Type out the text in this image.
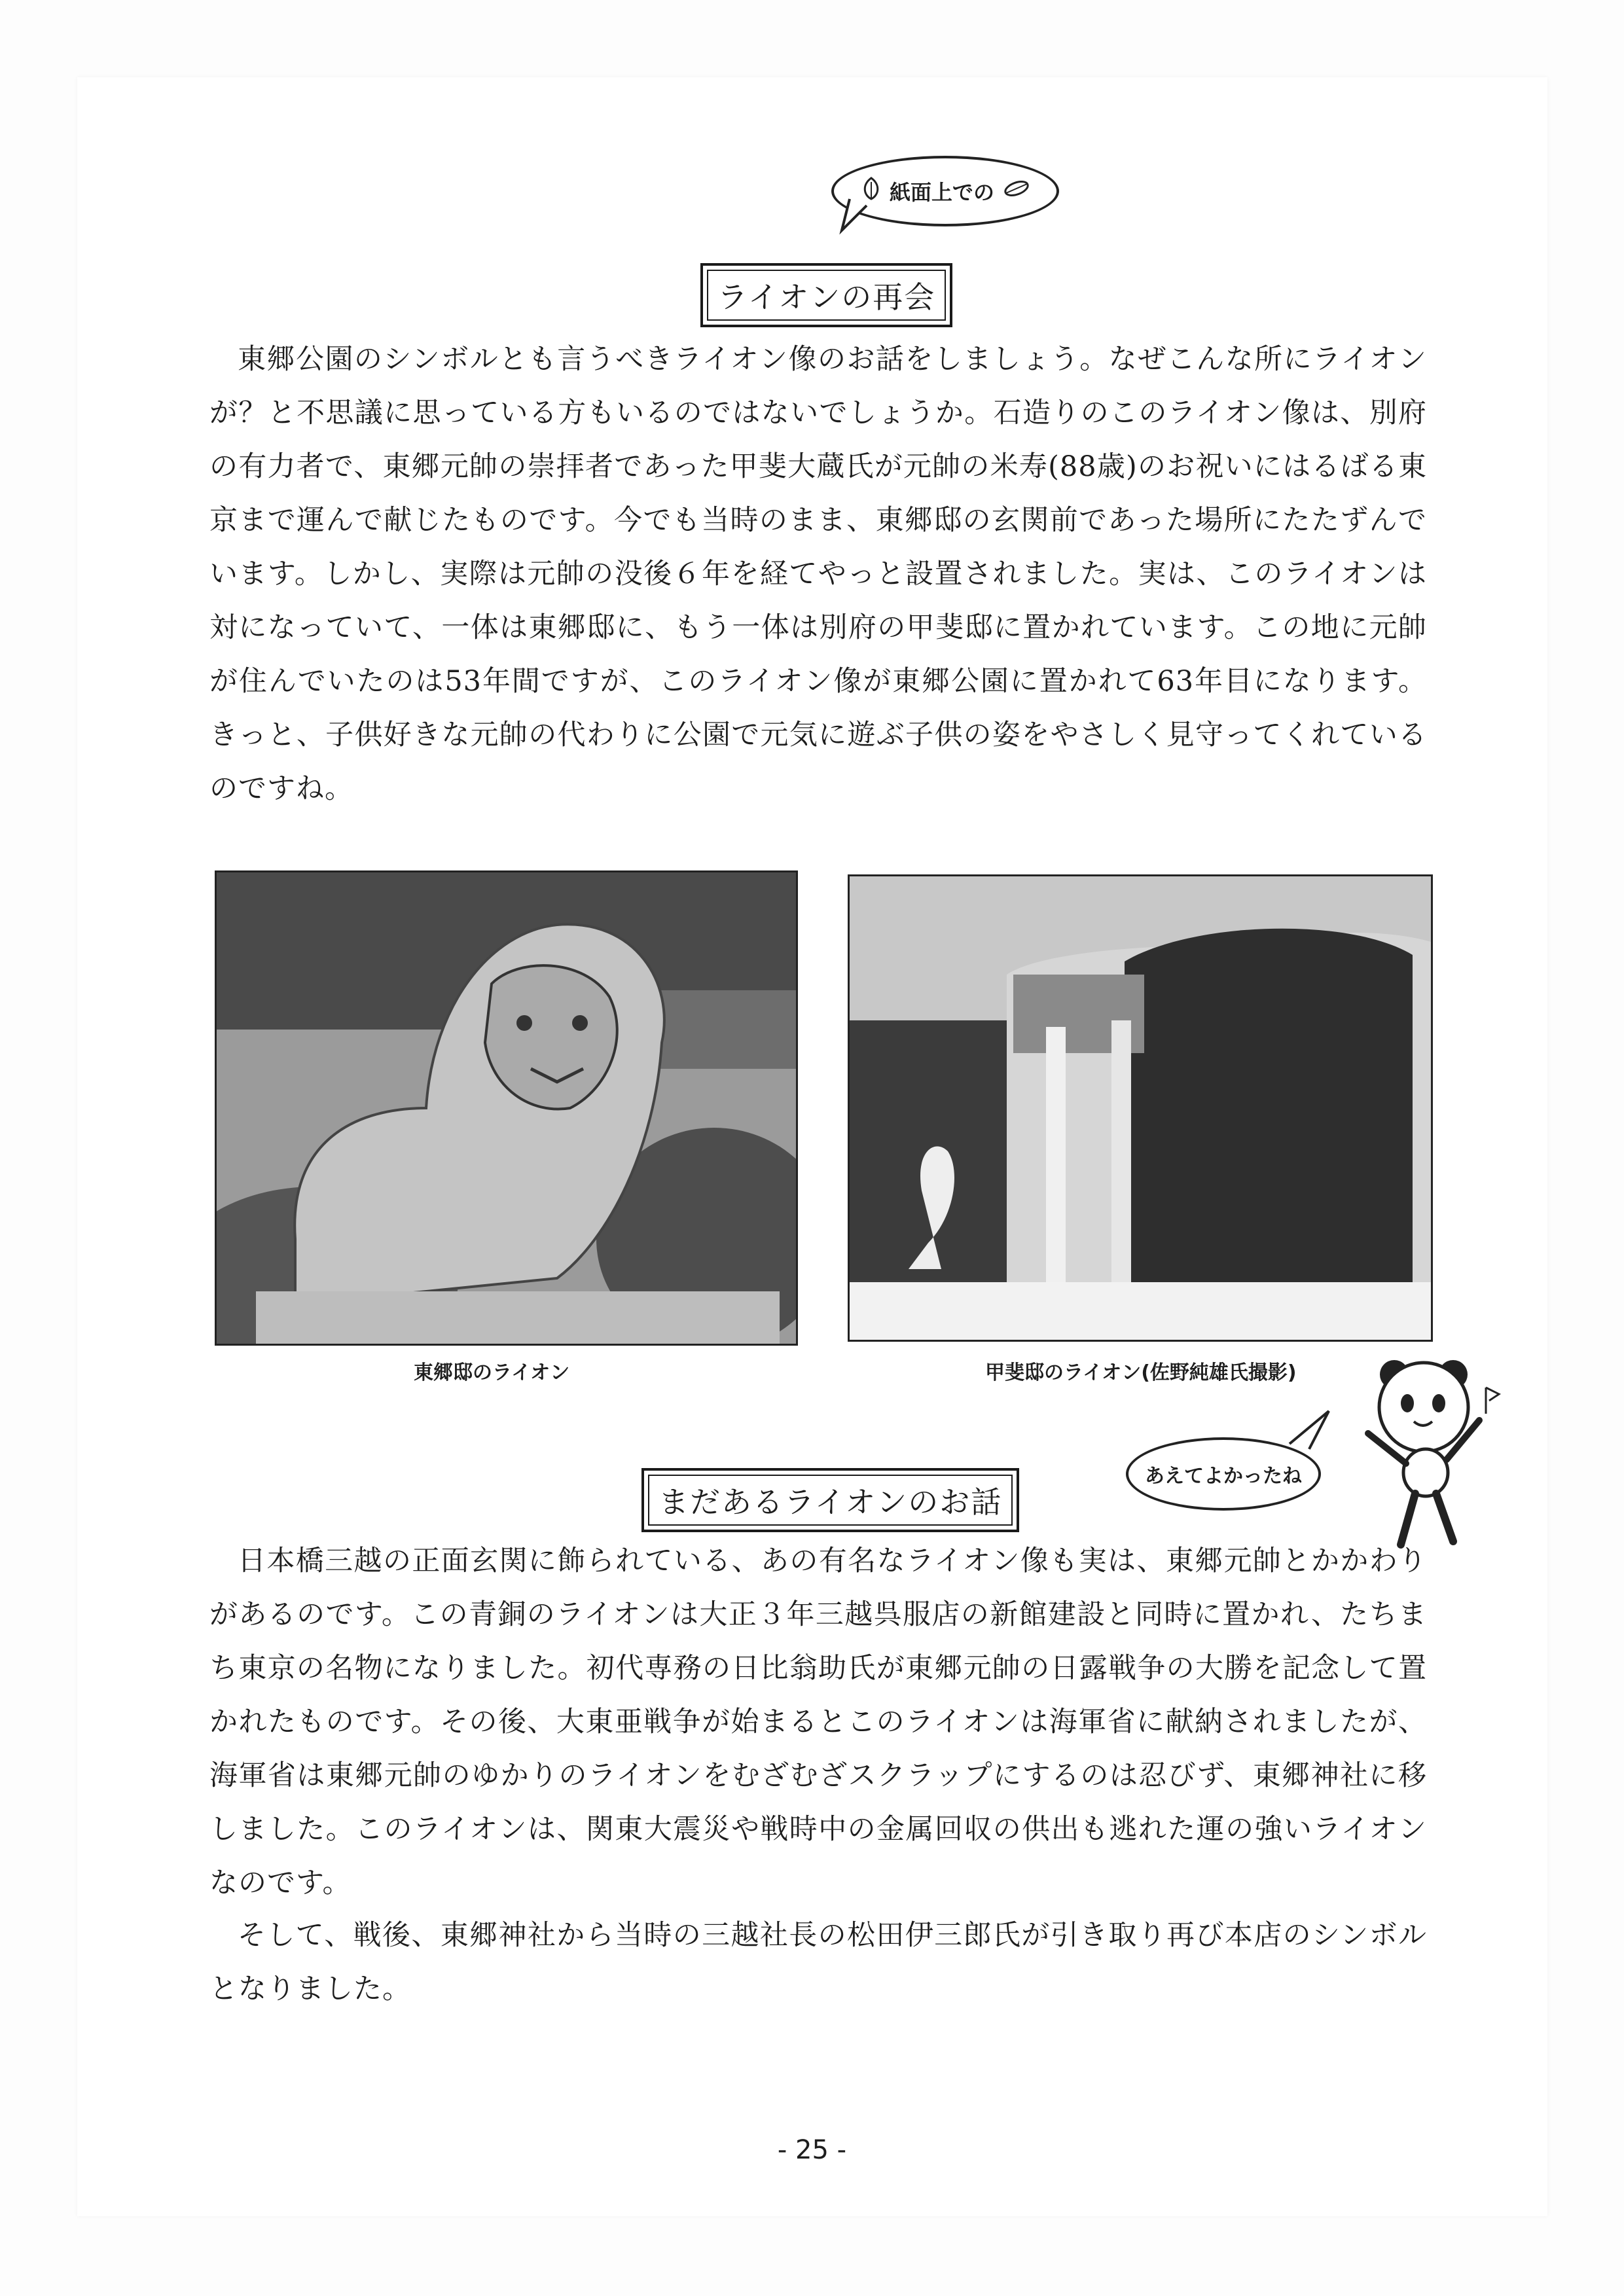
紙面上での
ライオンの再会

東郷公園のシンボルとも言うべきライオン像のお話をしましょう。なぜこんな所にライオンが？と不思議に思っている方もいるのではないでしょうか。石造りのこのライオン像は、別府の有力者で、東郷元帥の崇拝者であった甲斐大蔵氏が元帥の米寿(88歳)のお祝いにはるばる東京まで運んで献じたものです。今でも当時のまま、東郷邸の玄関前であった場所にたたずんでいます。しかし、実際は元帥の没後６年を経てやっと設置されました。実は、このライオンは対になっていて、一体は東郷邸に、もう一体は別府の甲斐邸に置かれています。この地に元帥が住んでいたのは53年間ですが、このライオン像が東郷公園に置かれて63年目になります。きっと、子供好きな元帥の代わりに公園で元気に遊ぶ子供の姿をやさしく見守ってくれているのですね。

東郷邸のライオン	甲斐邸のライオン(佐野純雄氏撮影)
あえてよかったね
まだあるライオンのお話

日本橋三越の正面玄関に飾られている、あの有名なライオン像も実は、東郷元帥とかかわりがあるのです。この青銅のライオンは大正３年三越呉服店の新館建設と同時に置かれ、たちまち東京の名物になりました。初代専務の日比翁助氏が東郷元帥の日露戦争の大勝を記念して置かれたものです。その後、大東亜戦争が始まるとこのライオンは海軍省に献納されましたが、海軍省は東郷元帥のゆかりのライオンをむざむざスクラップにするのは忍びず、東郷神社に移しました。このライオンは、関東大震災や戦時中の金属回収の供出も逃れた運の強いライオンなのです。

そして、戦後、東郷神社から当時の三越社長の松田伊三郎氏が引き取り再び本店のシンボルとなりました。

- 25 -
